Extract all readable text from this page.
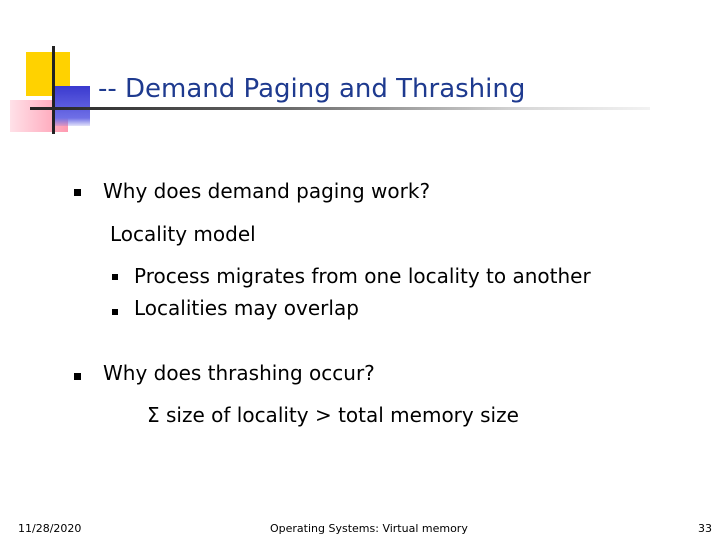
-- Demand Paging and Thrashing
Why does demand paging work?
Locality model
Process migrates from one locality to another
Localities may overlap
Why does thrashing occur?
Σ size of locality > total memory size
11/28/2020	Operating Systems: Virtual memory	33
